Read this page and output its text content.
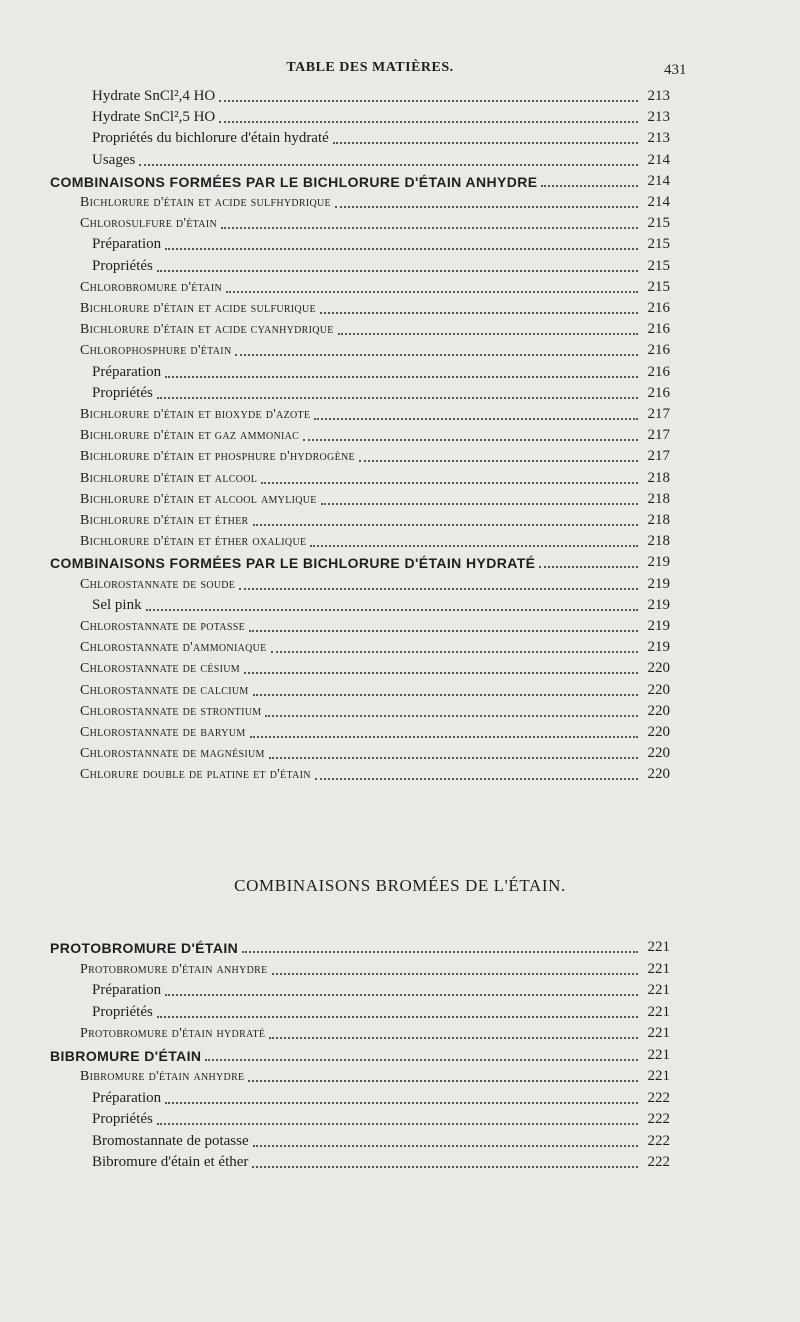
TABLE DES MATIÈRES.	431
Hydrate SnCl²,4 HO	213
Hydrate SnCl²,5 HO	213
Propriétés du bichlorure d'étain hydraté	213
Usages	214
COMBINAISONS FORMÉES PAR LE BICHLORURE D'ÉTAIN ANHYDRE	214
Bichlorure d'étain et acide sulfhydrique	214
Chlorosulfure d'étain	215
Préparation	215
Propriétés	215
Chlorobromure d'étain	215
Bichlorure d'étain et acide sulfurique	216
Bichlorure d'étain et acide cyanhydrique	216
Chlorophosphure d'étain	216
Préparation	216
Propriétés	216
Bichlorure d'étain et bioxyde d'azote	217
Bichlorure d'étain et gaz ammoniac	217
Bichlorure d'étain et phosphure d'hydrogène	217
Bichlorure d'étain et alcool	218
Bichlorure d'étain et alcool amylique	218
Bichlorure d'étain et éther	218
Bichlorure d'étain et éther oxalique	218
COMBINAISONS FORMÉES PAR LE BICHLORURE D'ÉTAIN HYDRATÉ	219
Chlorostannate de soude	219
Sel pink	219
Chlorostannate de potasse	219
Chlorostannate d'ammoniaque	219
Chlorostannate de césium	220
Chlorostannate de calcium	220
Chlorostannate de strontium	220
Chlorostannate de baryum	220
Chlorostannate de magnésium	220
Chlorure double de platine et d'étain	220
PROTOBROMURE D'ÉTAIN	221
Protobromure d'étain anhydre	221
Préparation	221
Propriétés	221
Protobromure d'étain hydraté	221
BIBROMURE D'ÉTAIN	221
Bibromure d'étain anhydre	221
Préparation	222
Propriétés	222
Bromostannate de potasse	222
Bibromure d'étain et éther	222
COMBINAISONS BROMÉES DE L'ÉTAIN.
